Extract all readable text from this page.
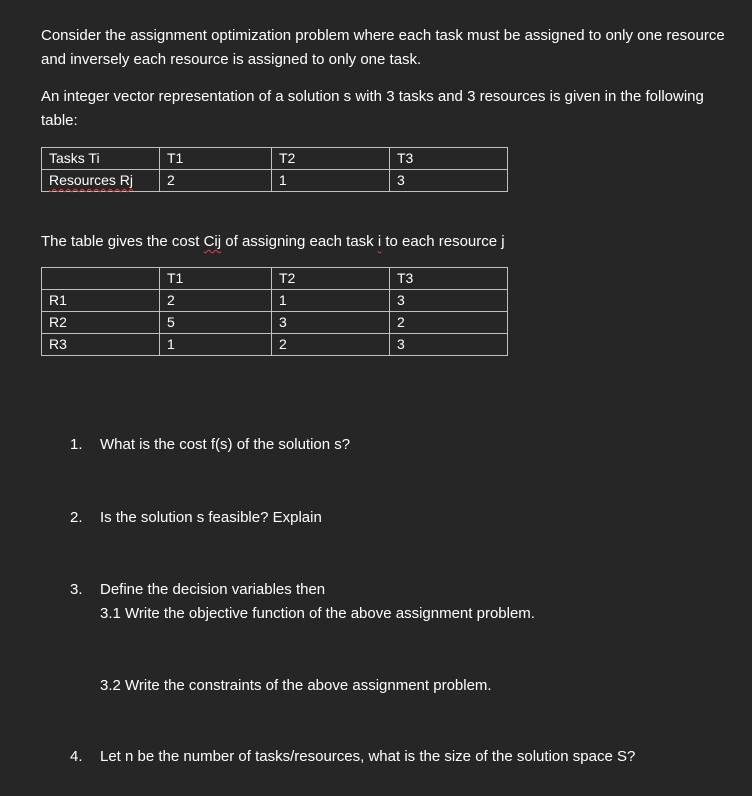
Consider the assignment optimization problem where each task must be assigned to only one resource and inversely each resource is assigned to only one task.

An integer vector representation of a solution s with 3 tasks and 3 resources is given in the following table:

Tasks Ti	T1	T2	T3
Resources Rj	2	1	3

The table gives the cost Cij of assigning each task i to each resource j

	T1	T2	T3
R1	2	1	3
R2	5	3	2
R3	1	2	3

1. What is the cost f(s) of the solution s?

2. Is the solution s feasible? Explain

3. Define the decision variables then
3.1 Write the objective function of the above assignment problem.

3.2 Write the constraints of the above assignment problem.

4. Let n be the number of tasks/resources, what is the size of the solution space S?
